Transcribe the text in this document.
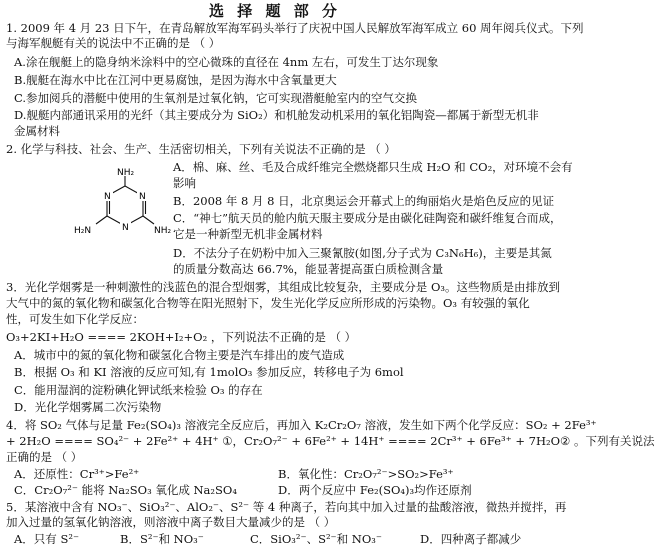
选 择 题 部 分
1. 2009 年 4 月 23 日下午，在青岛解放军海军码头举行了庆祝中国人民解放军海军成立 60 周年阅兵仪式。下列
与海军舰艇有关的说法中不正确的是 （ ）
A.涂在舰艇上的隐身纳米涂料中的空心微珠的直径在 4nm 左右，可发生丁达尔现象
B.舰艇在海水中比在江河中更易腐蚀，是因为海水中含氧量更大
C.参加阅兵的潜艇中使用的生氧剂是过氧化钠，它可实现潜艇舱室内的空气交换
D.舰艇内部通讯采用的光纤（其主要成分为 SiO₂）和机舱发动机采用的氧化铝陶瓷—都属于新型无机非
金属材料
2. 化学与科技、社会、生产、生活密切相关，下列有关说法不正确的是 （ ）
N
N
N
NH₂
NH₂
H₂N
A．棉、麻、丝、毛及合成纤维完全燃烧都只生成 H₂O 和 CO₂，对环境不会有
影响
B．2008 年 8 月 8 日，北京奥运会开幕式上的绚丽焰火是焰色反应的见证
C．“神七”航天员的舱内航天服主要成分是由碳化硅陶瓷和碳纤维复合而成，
它是一种新型无机非金属材料
D．不法分子在奶粉中加入三聚氰胺(如图,分子式为 C₃N₆H₆)，主要是其氮
的质量分数高达 66.7%，能显著提高蛋白质检测含量
3．光化学烟雾是一种刺激性的浅蓝色的混合型烟雾，其组成比较复杂，主要成分是 O₃。这些物质是由排放到
大气中的氮的氧化物和碳氢化合物等在阳光照射下，发生光化学反应所形成的污染物。O₃ 有较强的氧化
性，可发生如下化学反应：
O₃+2KI+H₂O ==== 2KOH+I₂+O₂ ，下列说法不正确的是 （ ）
A．城市中的氮的氧化物和碳氢化合物主要是汽车排出的废气造成
B．根据 O₃ 和 KI 溶液的反应可知,有 1molO₃ 参加反应，转移电子为 6mol
C．能用湿润的淀粉碘化钾试纸来检验 O₃ 的存在
D．光化学烟雾属二次污染物
4．将 SO₂ 气体与足量 Fe₂(SO₄)₃ 溶液完全反应后，再加入 K₂Cr₂O₇ 溶液，发生如下两个化学反应：SO₂ + 2Fe³⁺
+ 2H₂O ==== SO₄²⁻ + 2Fe²⁺ + 4H⁺ ①，Cr₂O₇²⁻ + 6Fe²⁺ + 14H⁺ ==== 2Cr³⁺ + 6Fe³⁺ + 7H₂O② 。下列有关说法
正确的是 （ ）
A．还原性：Cr³⁺>Fe²⁺	B．氧化性：Cr₂O₇²⁻>SO₂>Fe³⁺
C．Cr₂O₇²⁻ 能将 Na₂SO₃ 氧化成 Na₂SO₄	D．两个反应中 Fe₂(SO₄)₃均作还原剂
5．某溶液中含有 NO₃⁻、SiO₃²⁻、AlO₂⁻、S²⁻ 等 4 种离子，若向其中加入过量的盐酸溶液，微热并搅拌，再
加入过量的氢氧化钠溶液，则溶液中离子数目大量减少的是 （ ）
A．只有 S²⁻	B．S²⁻和 NO₃⁻	C．SiO₃²⁻、S²⁻和 NO₃⁻	D．四种离子都减少
